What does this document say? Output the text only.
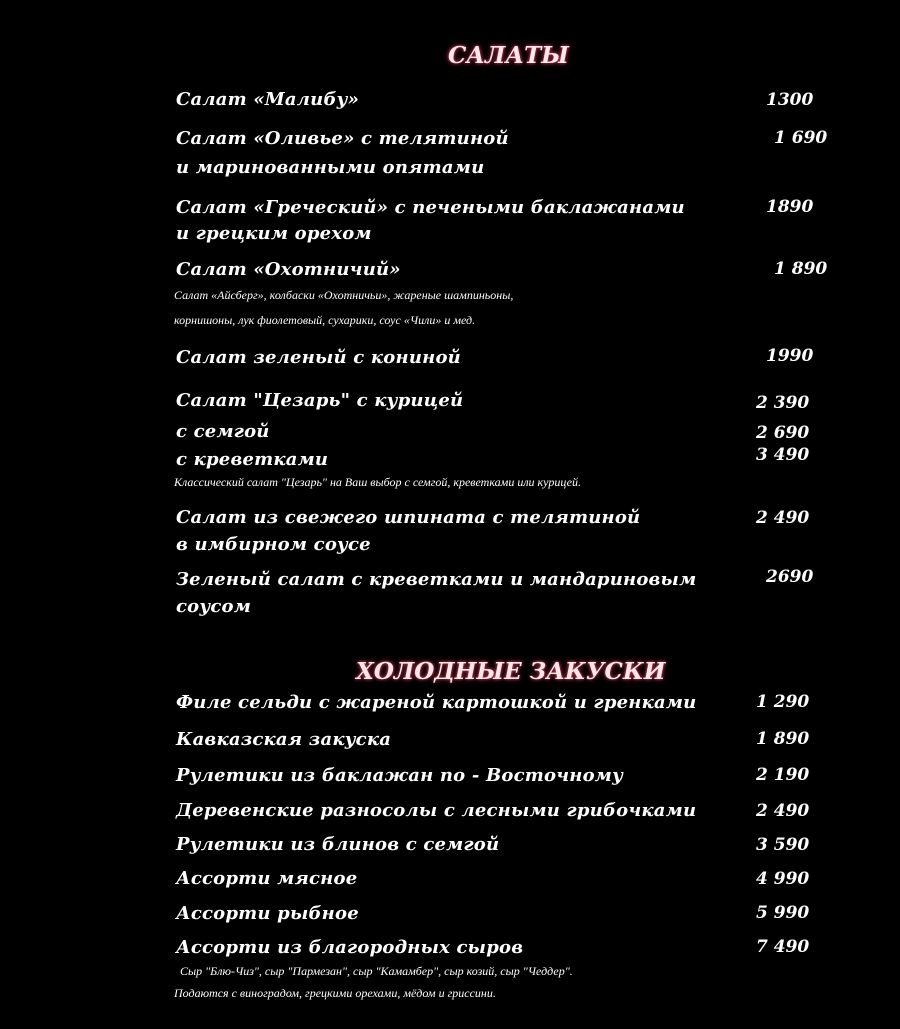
САЛАТЫ
Салат «Малибу»	1300
Салат «Оливье» с телятиной
и маринованными опятами
1 690
Салат «Греческий» с печеными баклажанами
и грецким орехом
1890
Салат «Охотничий»	1 890
Салат «Айсберг», колбаски «Охотничьи», жареные шампиньоны,
корнишоны, лук фиолетовый, сухарики, соус «Чили» и мед.
Салат зеленый с кониной	1990
Салат "Цезарь" с курицей	2 390
с семгой	2 690
с креветками	3 490
Классический салат "Цезарь" на Ваш выбор с семгой, креветками или курицей.
Салат из свежего шпината с телятиной
в имбирном соусе
2 490
Зеленый салат с креветками и мандариновым
соусом
2690
ХОЛОДНЫЕ ЗАКУСКИ
Филе сельди с жареной картошкой и гренками	1 290
Кавказская закуска	1 890
Рулетики из баклажан по - Восточному	2 190
Деревенские разносолы с лесными грибочками	2 490
Рулетики из блинов с семгой	3 590
Ассорти мясное	4 990
Ассорти рыбное	5 990
Ассорти из благородных сыров	7 490
Сыр "Блю-Чиз", сыр "Пармезан", сыр "Камамбер", сыр козий, сыр "Чеддер".
Подаются с виноградом, грецкими орехами, мёдом и гриссини.
